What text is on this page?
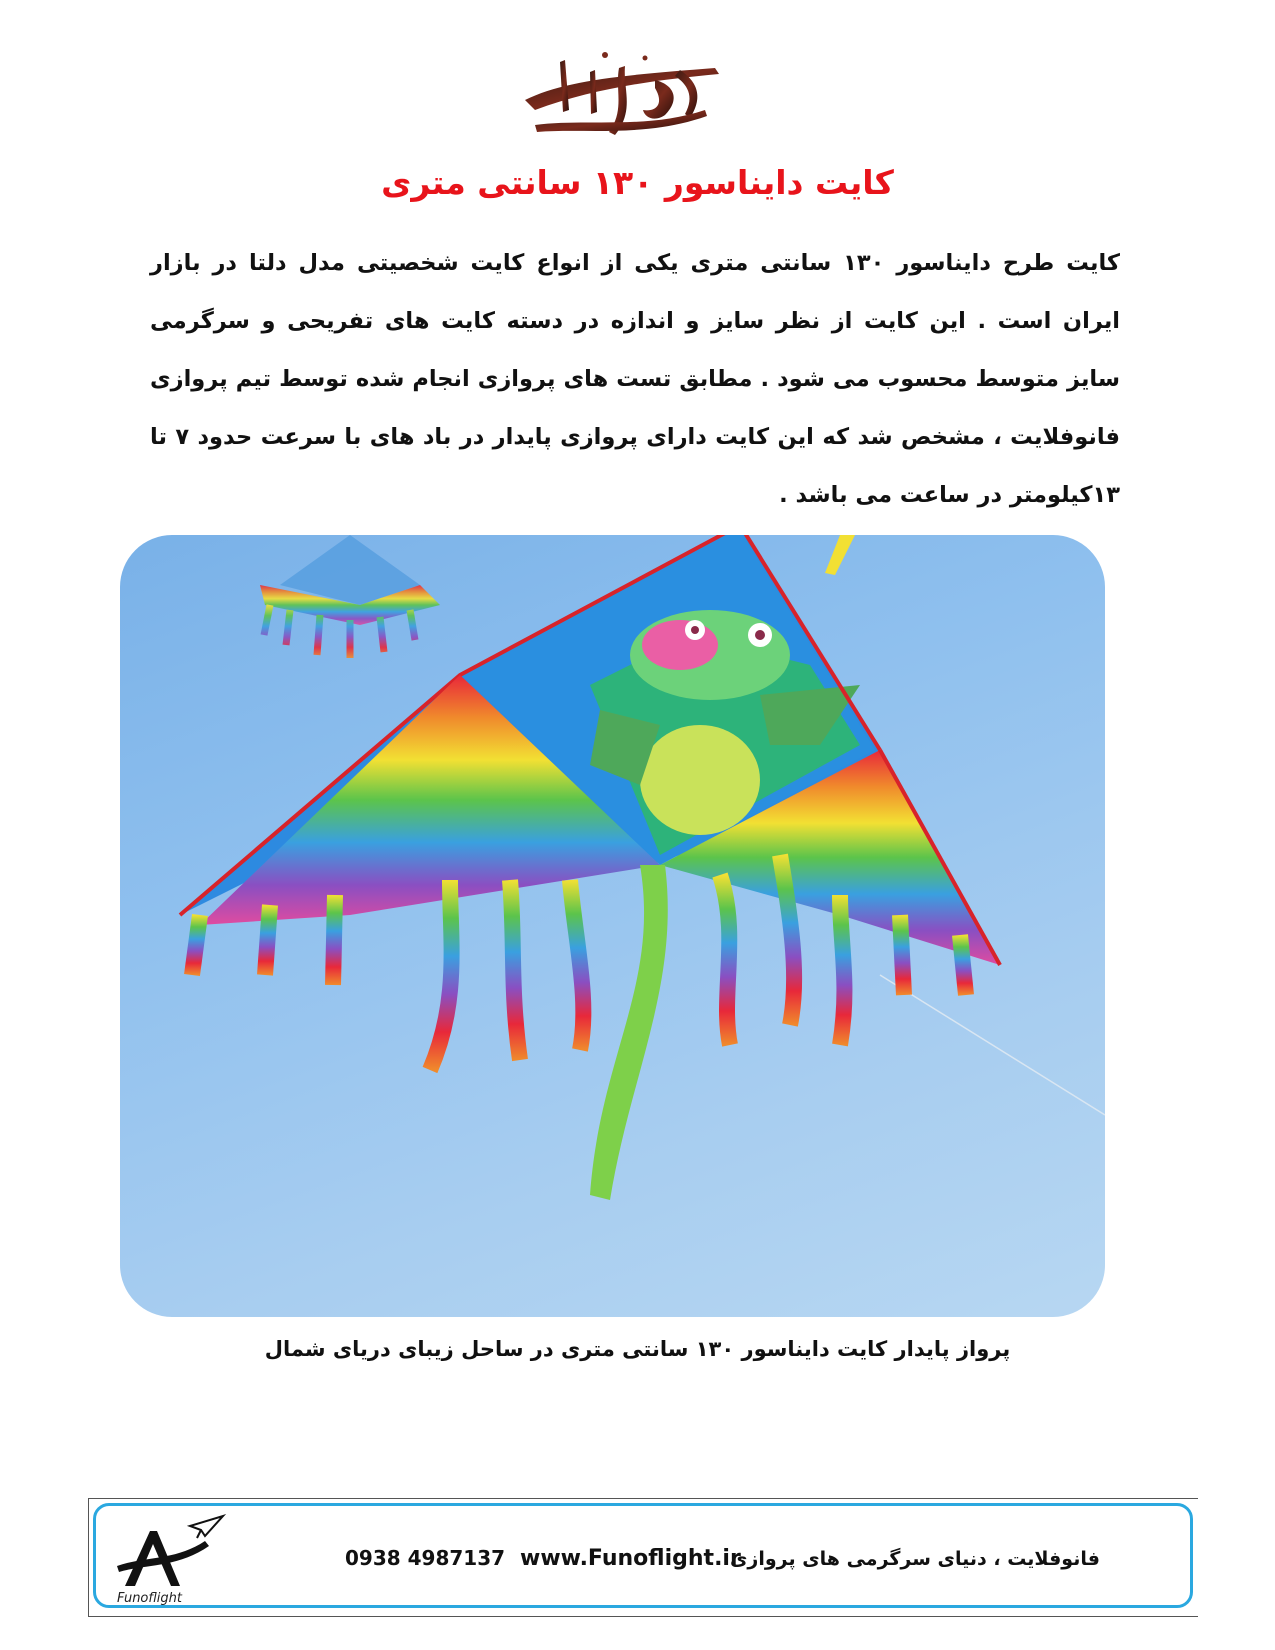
کایت دایناسور ۱۳۰ سانتی متری
کایت طرح دایناسور ۱۳۰ سانتی متری یکی از انواع کایت شخصیتی مدل دلتا در بازار ایران است . این کایت از نظر سایز و اندازه در دسته کایت های تفریحی و سرگرمی سایز متوسط محسوب می شود . مطابق تست های پروازی انجام شده توسط تیم پروازی فانوفلایت ، مشخص شد که این کایت دارای پروازی پایدار در باد های با سرعت حدود ۷ تا ۱۳کیلومتر در ساعت می باشد .
پرواز پایدار کایت دایناسور ۱۳۰ سانتی متری در ساحل زیبای دریای شمال
Funoflight
0938 4987137 www.Funoflight.ir
فانوفلایت ، دنیای سرگرمی های پروازی
